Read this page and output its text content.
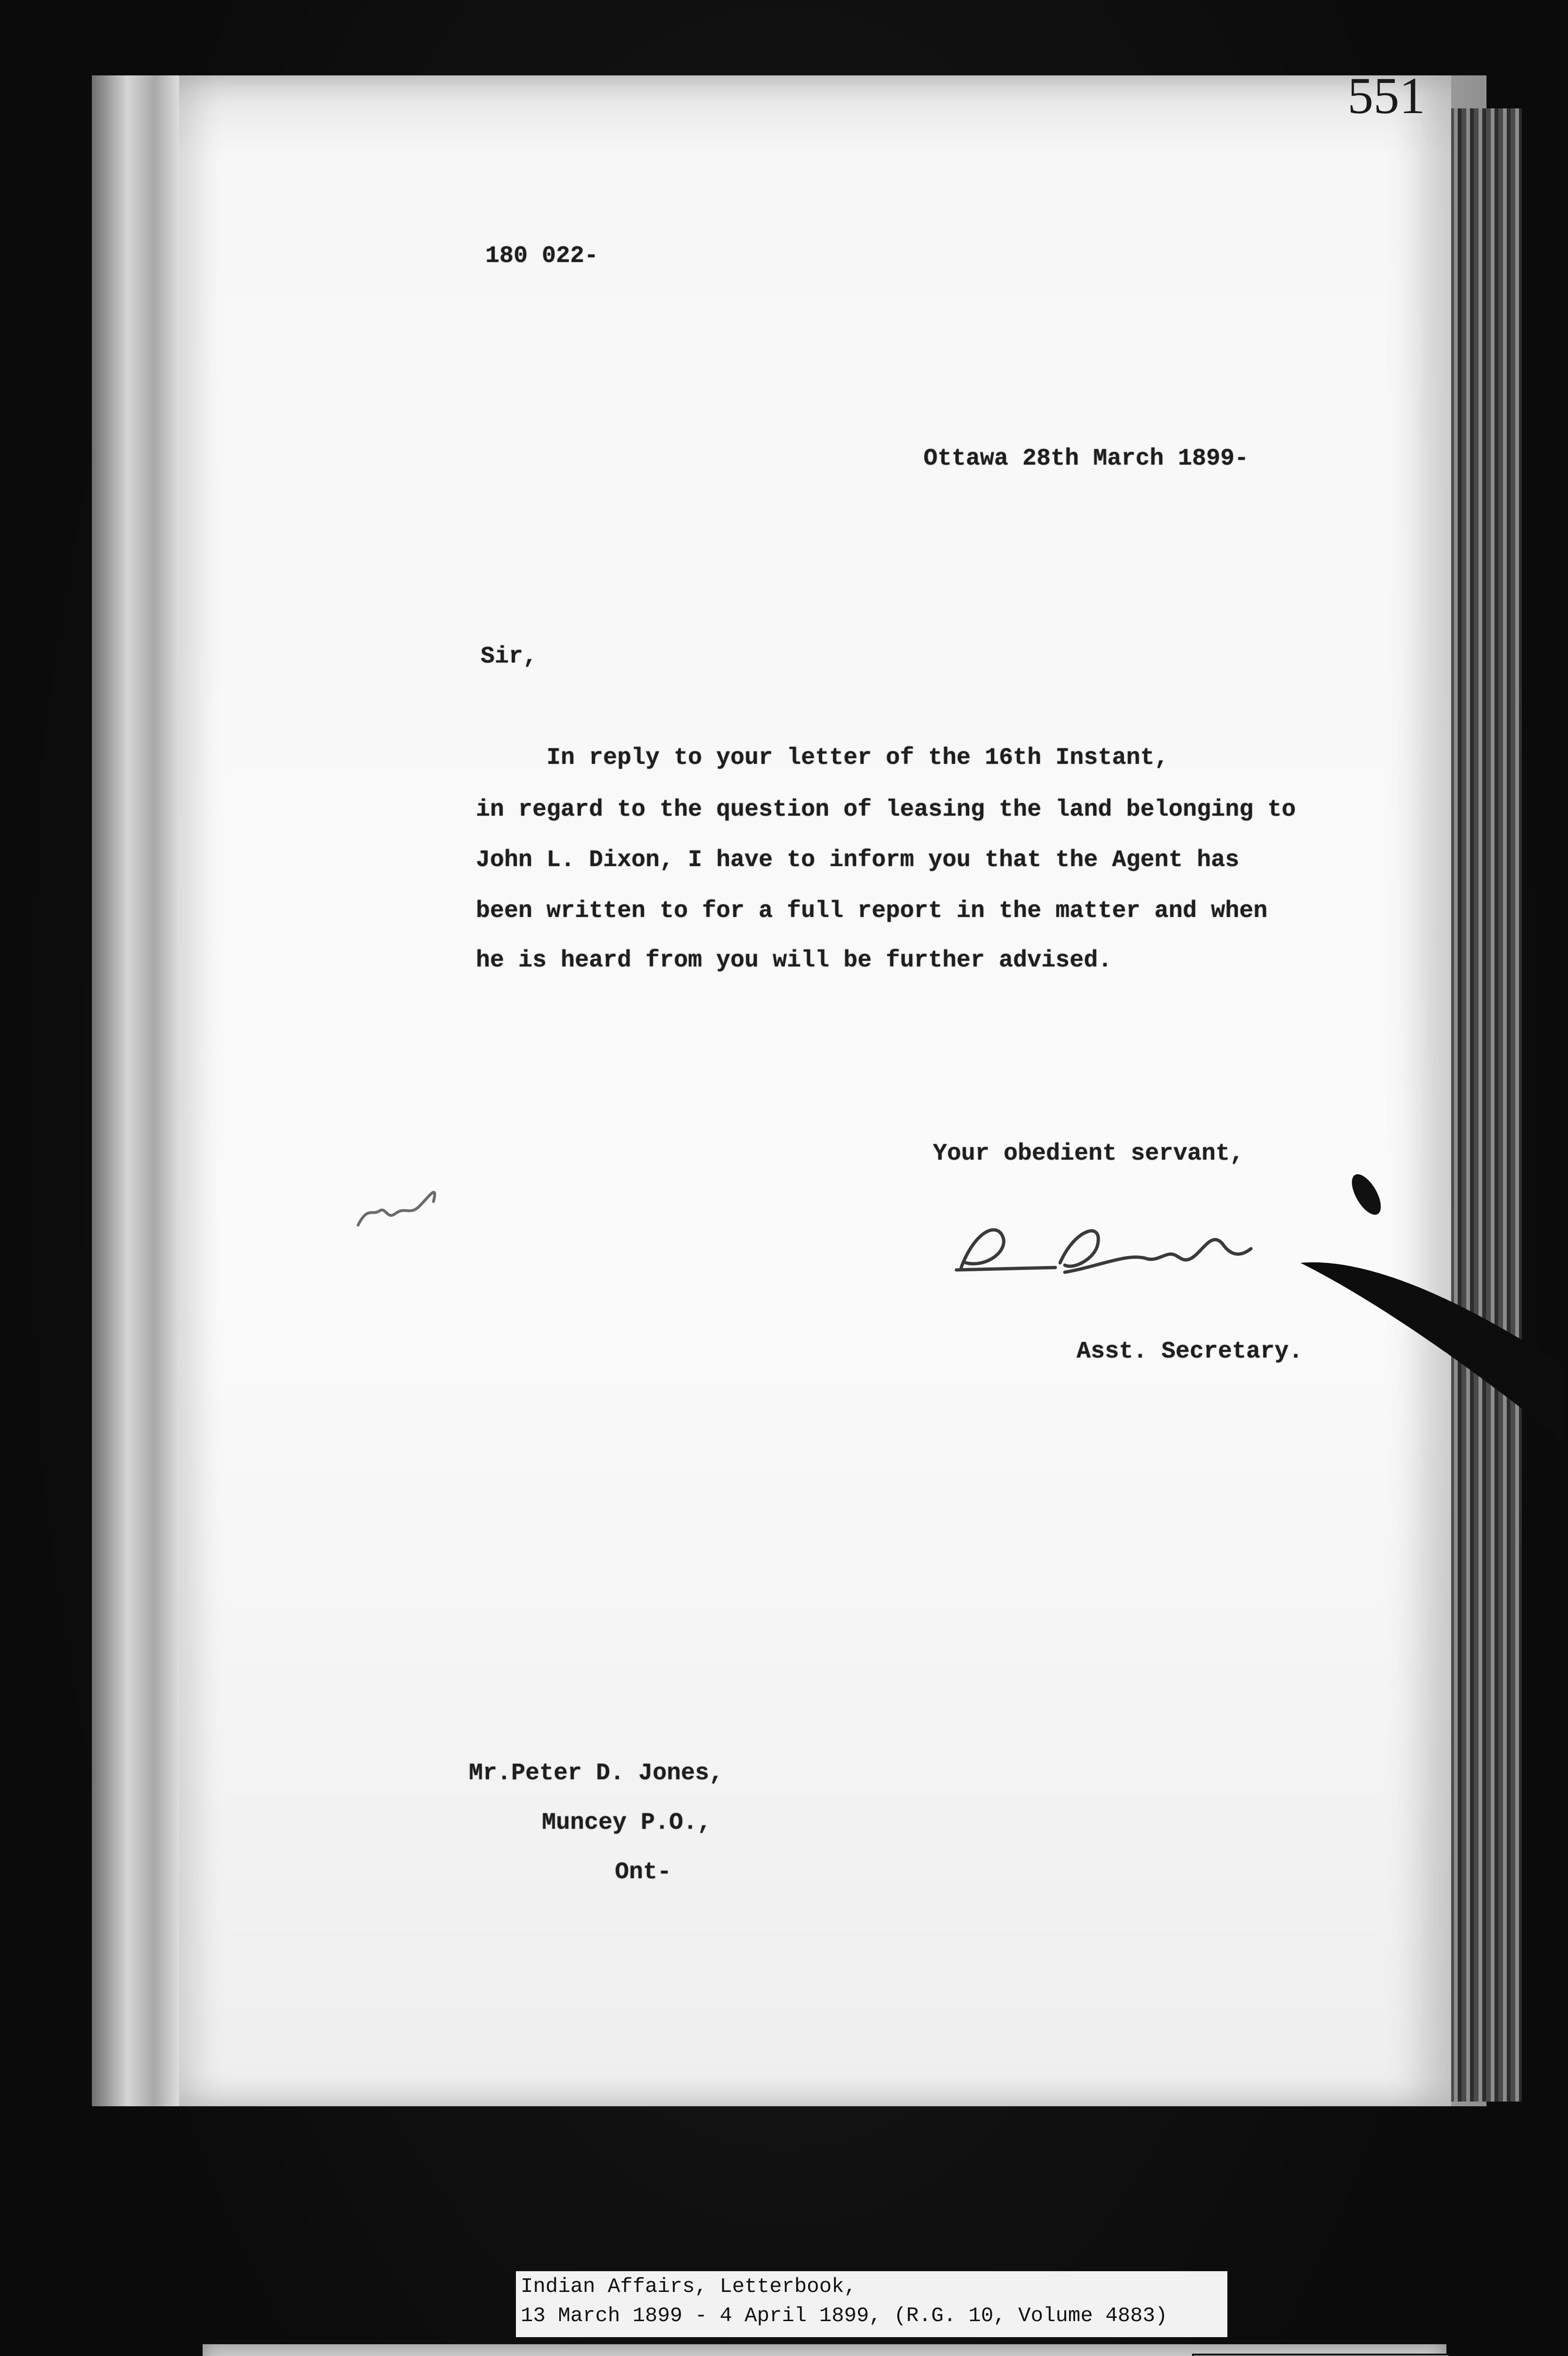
551
180 022-
Ottawa 28th March 1899-
Sir,
In reply to your letter of the 16th Instant,
in regard to the question of leasing the land belonging to
John L. Dixon, I have to inform you that the Agent has
been written to for a full report in the matter and when
he is heard from you will be further advised.
Your obedient servant,
Asst. Secretary.
Mr.Peter D. Jones,
Muncey P.O.,
Ont-
Indian Affairs, Letterbook,
13 March 1899 - 4 April 1899, (R.G. 10, Volume 4883)
